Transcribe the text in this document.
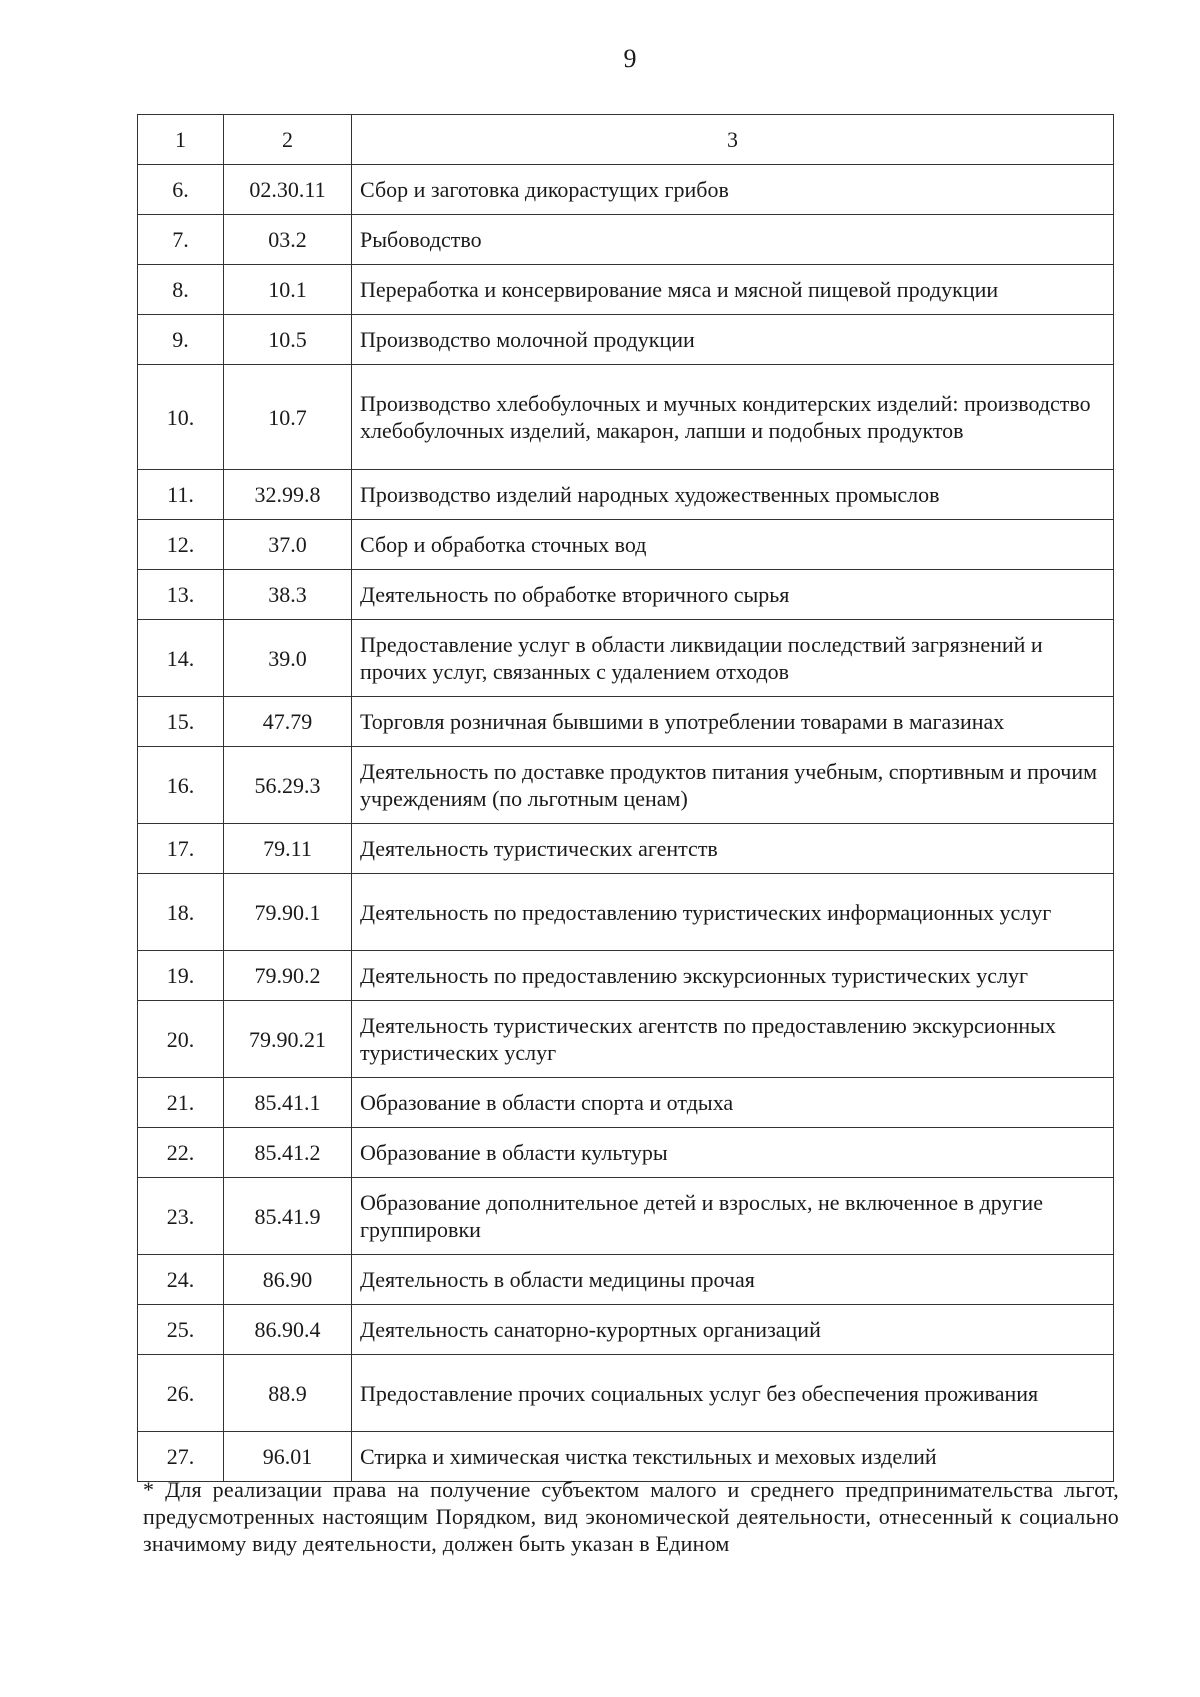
9
1	2	3
6.	02.30.11	Сбор и заготовка дикорастущих грибов
7.	03.2	Рыбоводство
8.	10.1	Переработка и консервирование мяса и мясной пищевой продукции
9.	10.5	Производство молочной продукции
10.	10.7	Производство хлебобулочных и мучных кондитерских изделий: производство хлебобулочных изделий, макарон, лапши и подобных продуктов
11.	32.99.8	Производство изделий народных художественных промыслов
12.	37.0	Сбор и обработка сточных вод
13.	38.3	Деятельность по обработке вторичного сырья
14.	39.0	Предоставление услуг в области ликвидации последствий загрязнений и прочих услуг, связанных с удалением отходов
15.	47.79	Торговля розничная бывшими в употреблении товарами в магазинах
16.	56.29.3	Деятельность по доставке продуктов питания учебным, спортивным и прочим учреждениям (по льготным ценам)
17.	79.11	Деятельность туристических агентств
18.	79.90.1	Деятельность по предоставлению туристических информационных услуг
19.	79.90.2	Деятельность по предоставлению экскурсионных туристических услуг
20.	79.90.21	Деятельность туристических агентств по предоставлению экскурсионных туристических услуг
21.	85.41.1	Образование в области спорта и отдыха
22.	85.41.2	Образование в области культуры
23.	85.41.9	Образование дополнительное детей и взрослых, не включенное в другие группировки
24.	86.90	Деятельность в области медицины прочая
25.	86.90.4	Деятельность санаторно-курортных организаций
26.	88.9	Предоставление прочих социальных услуг без обеспечения проживания
27.	96.01	Стирка и химическая чистка текстильных и меховых изделий
* Для реализации права на получение субъектом малого и среднего предпринимательства льгот, предусмотренных настоящим Порядком, вид экономической деятельности, отнесенный к социально значимому виду деятельности, должен быть указан в Едином
